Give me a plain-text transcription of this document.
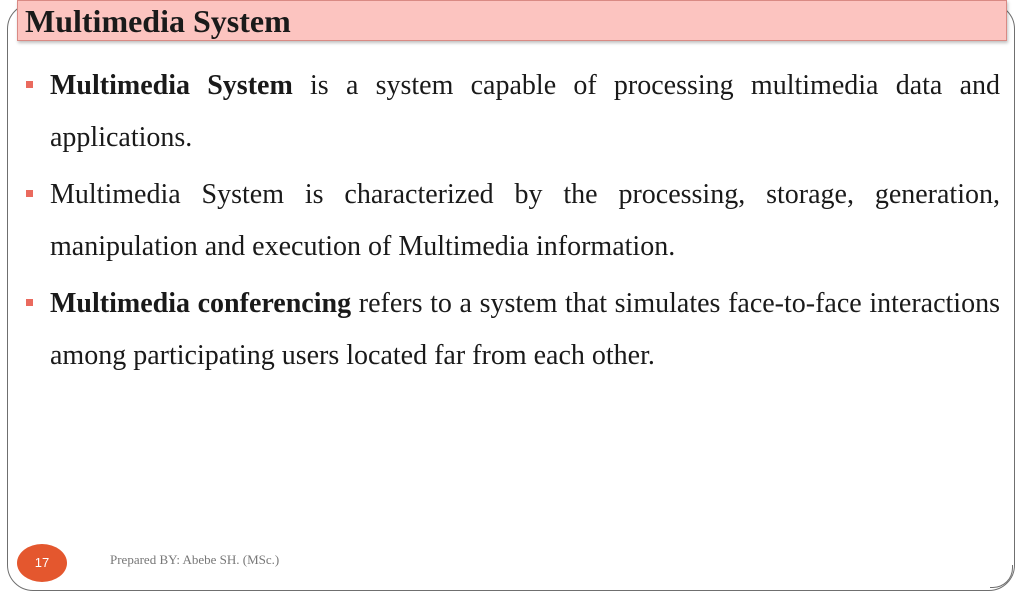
Multimedia System
Multimedia System is a system capable of processing multimedia data and applications.
Multimedia System is characterized by the processing, storage, generation, manipulation and execution of Multimedia information.
Multimedia conferencing refers to a system that simulates face-to-face interactions among participating users located far from each other.
17	Prepared BY: Abebe SH. (MSc.)
